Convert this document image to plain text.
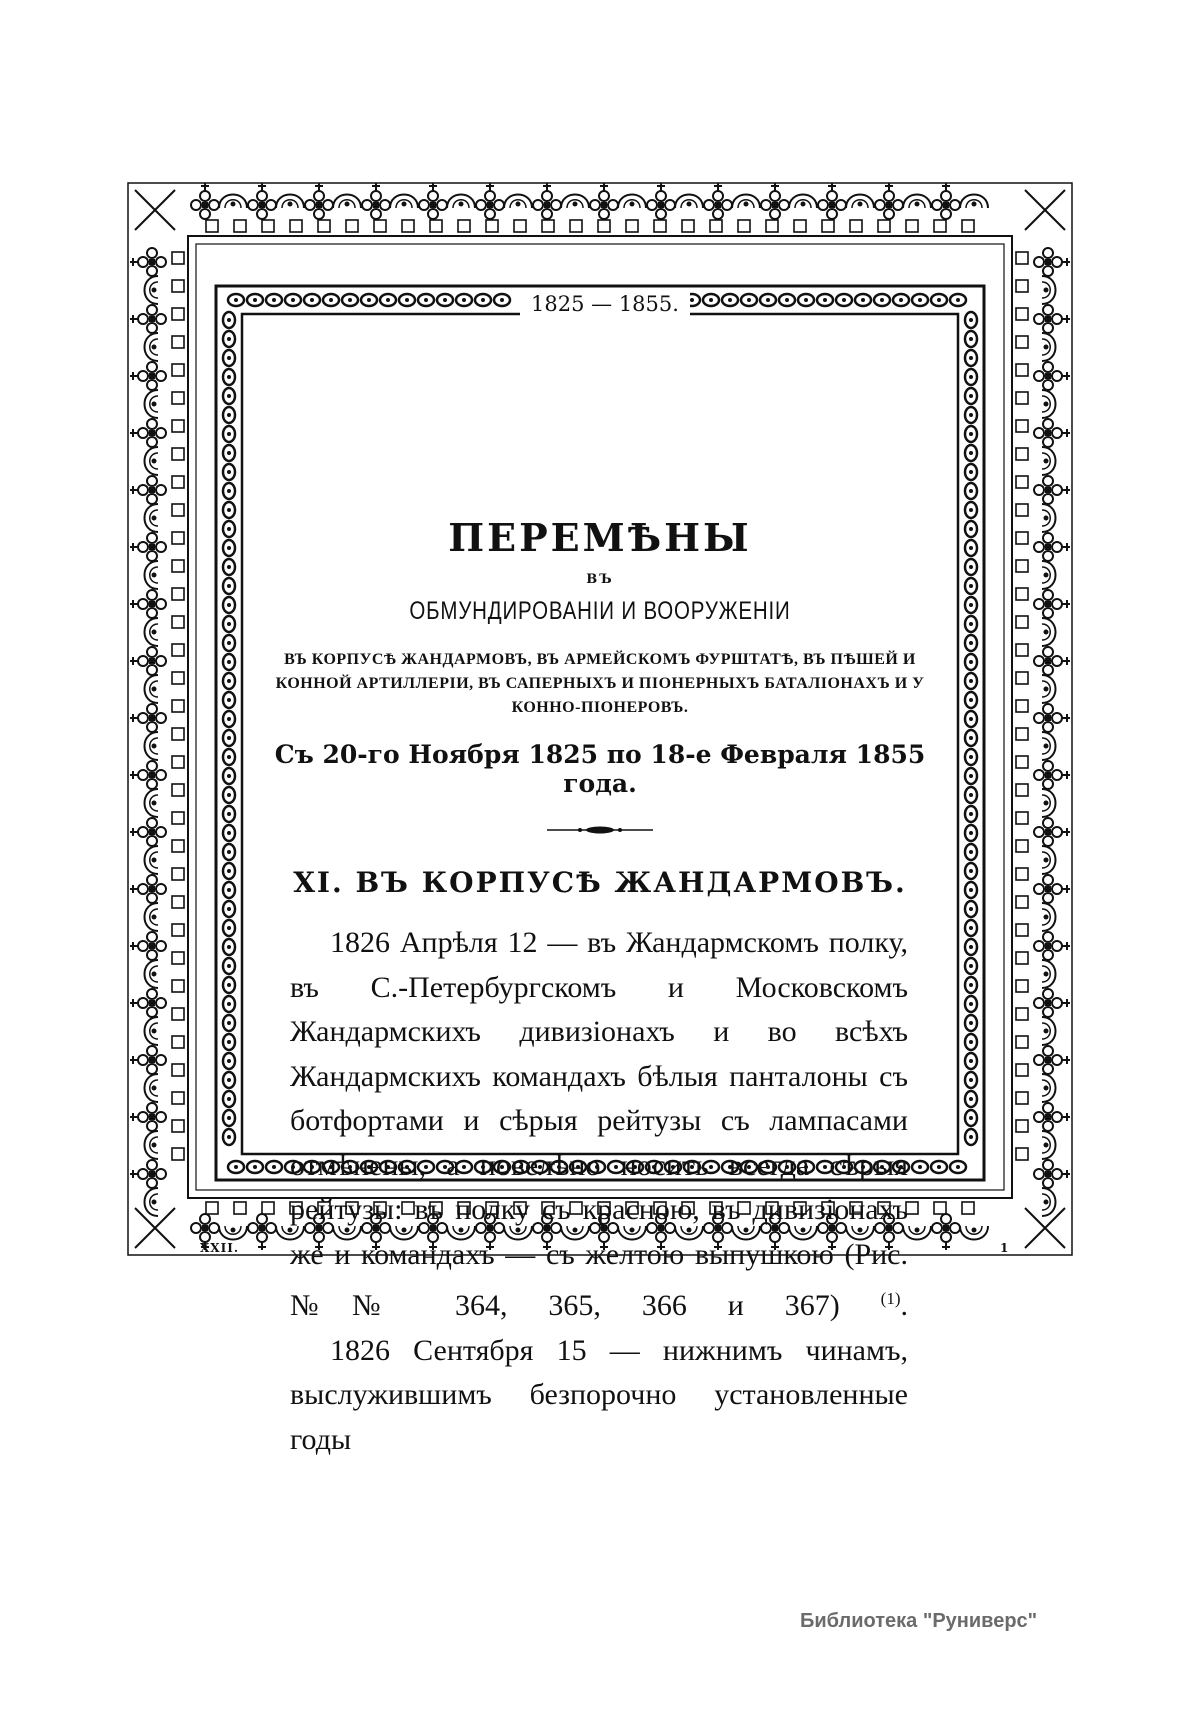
1825 — 1855.
ПЕРЕМѢНЫ
ВЪ
ОБМУНДИРОВАНІИ И ВООРУЖЕНІИ
ВЪ КОРПУСѢ ЖАНДАРМОВЪ, ВЪ АРМЕЙСКОМЪ ФУРШТАТѢ, ВЪ ПѢШЕЙ И КОННОЙ АРТИЛЛЕРІИ, ВЪ САПЕРНЫХЪ И ПІОНЕРНЫХЪ БАТАЛІОНАХЪ И У КОННО-ПІОНЕРОВЪ.
Съ 20-го Ноября 1825 по 18-е Февраля 1855 года.
XI. ВЪ КОРПУСѢ ЖАНДАРМОВЪ.

1826 Апрѣля 12 — въ Жандармскомъ полку, въ С.-Петербургскомъ и Московскомъ Жандармскихъ дивизіонахъ и во всѣхъ Жандармскихъ командахъ бѣлыя панталоны съ ботфортами и сѣрыя рейтузы съ лампасами отмѣнены, а повелѣно носить всегда сѣрыя рейтузы: въ полку съ красною, въ дивизіонахъ же и командахъ — съ желтою выпушкою (Рис. №№ 364, 365, 366 и 367) $^{(1)}$.

1826 Сентября 15 — нижнимъ чинамъ, выслужившимъ безпорочно установленные годы

XXII.	1
Библиотека "Руниверс"
